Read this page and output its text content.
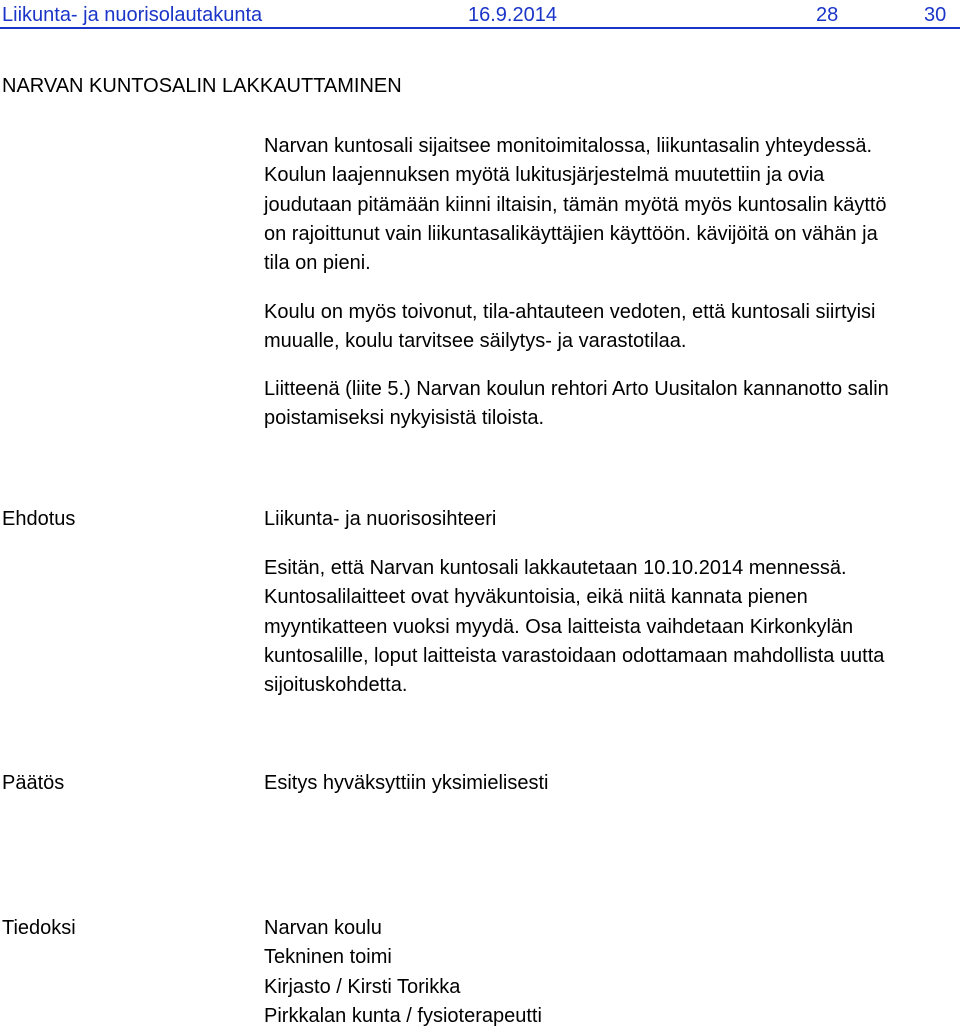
Liikunta- ja nuorisolautakunta	16.9.2014	28	30
NARVAN KUNTOSALIN LAKKAUTTAMINEN
Narvan kuntosali sijaitsee monitoimitalossa, liikuntasalin yhteydessä.
Koulun laajennuksen myötä lukitusjärjestelmä muutettiin ja ovia
joudutaan pitämään kiinni iltaisin, tämän myötä myös kuntosalin käyttö
on rajoittunut vain liikuntasalikäyttäjien käyttöön. kävijöitä on vähän ja
tila on pieni.
Koulu on myös toivonut, tila-ahtauteen vedoten, että kuntosali siirtyisi
muualle, koulu tarvitsee säilytys- ja varastotilaa.
Liitteenä (liite 5.) Narvan koulun rehtori Arto Uusitalon kannanotto salin
poistamiseksi nykyisistä tiloista.
Ehdotus	Liikunta- ja nuorisosihteeri
Esitän, että Narvan kuntosali lakkautetaan 10.10.2014 mennessä.
Kuntosalilaitteet ovat hyväkuntoisia, eikä niitä kannata pienen
myyntikatteen vuoksi myydä. Osa laitteista vaihdetaan Kirkonkylän
kuntosalille, loput laitteista varastoidaan odottamaan mahdollista uutta
sijoituskohdetta.
Päätös	Esitys hyväksyttiin yksimielisesti
Tiedoksi	Narvan koulu
Tekninen toimi
Kirjasto / Kirsti Torikka
Pirkkalan kunta / fysioterapeutti
